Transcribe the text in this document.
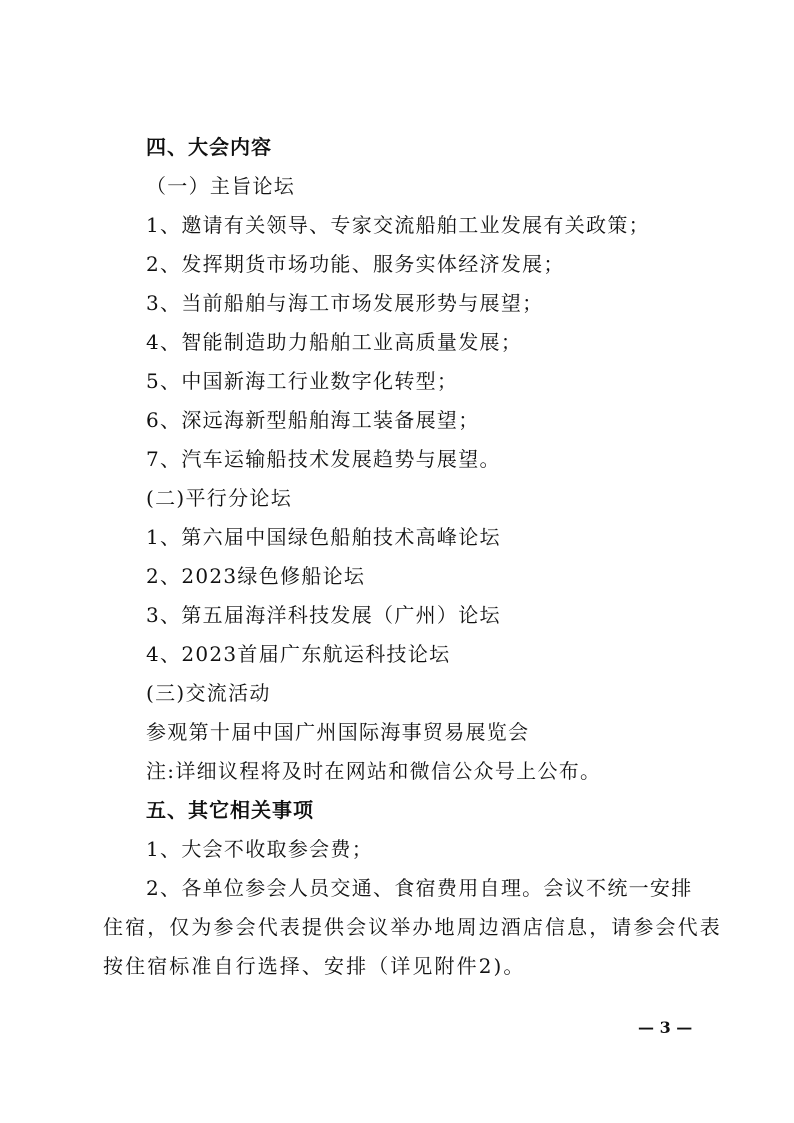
四、大会内容
（一）主旨论坛
1、邀请有关领导、专家交流船舶工业发展有关政策；
2、发挥期货市场功能、服务实体经济发展；
3、当前船舶与海工市场发展形势与展望；
4、智能制造助力船舶工业高质量发展；
5、中国新海工行业数字化转型；
6、深远海新型船舶海工装备展望；
7、汽车运输船技术发展趋势与展望。
(二)平行分论坛
1、第六届中国绿色船舶技术高峰论坛
2、2023绿色修船论坛
3、第五届海洋科技发展（广州）论坛
4、2023首届广东航运科技论坛
(三)交流活动
参观第十届中国广州国际海事贸易展览会
注:详细议程将及时在网站和微信公众号上公布。
五、其它相关事项
1、大会不收取参会费；
2、各单位参会人员交通、食宿费用自理。会议不统一安排
住宿，仅为参会代表提供会议举办地周边酒店信息，请参会代表
按住宿标准自行选择、安排（详见附件2)。
— 3 —
